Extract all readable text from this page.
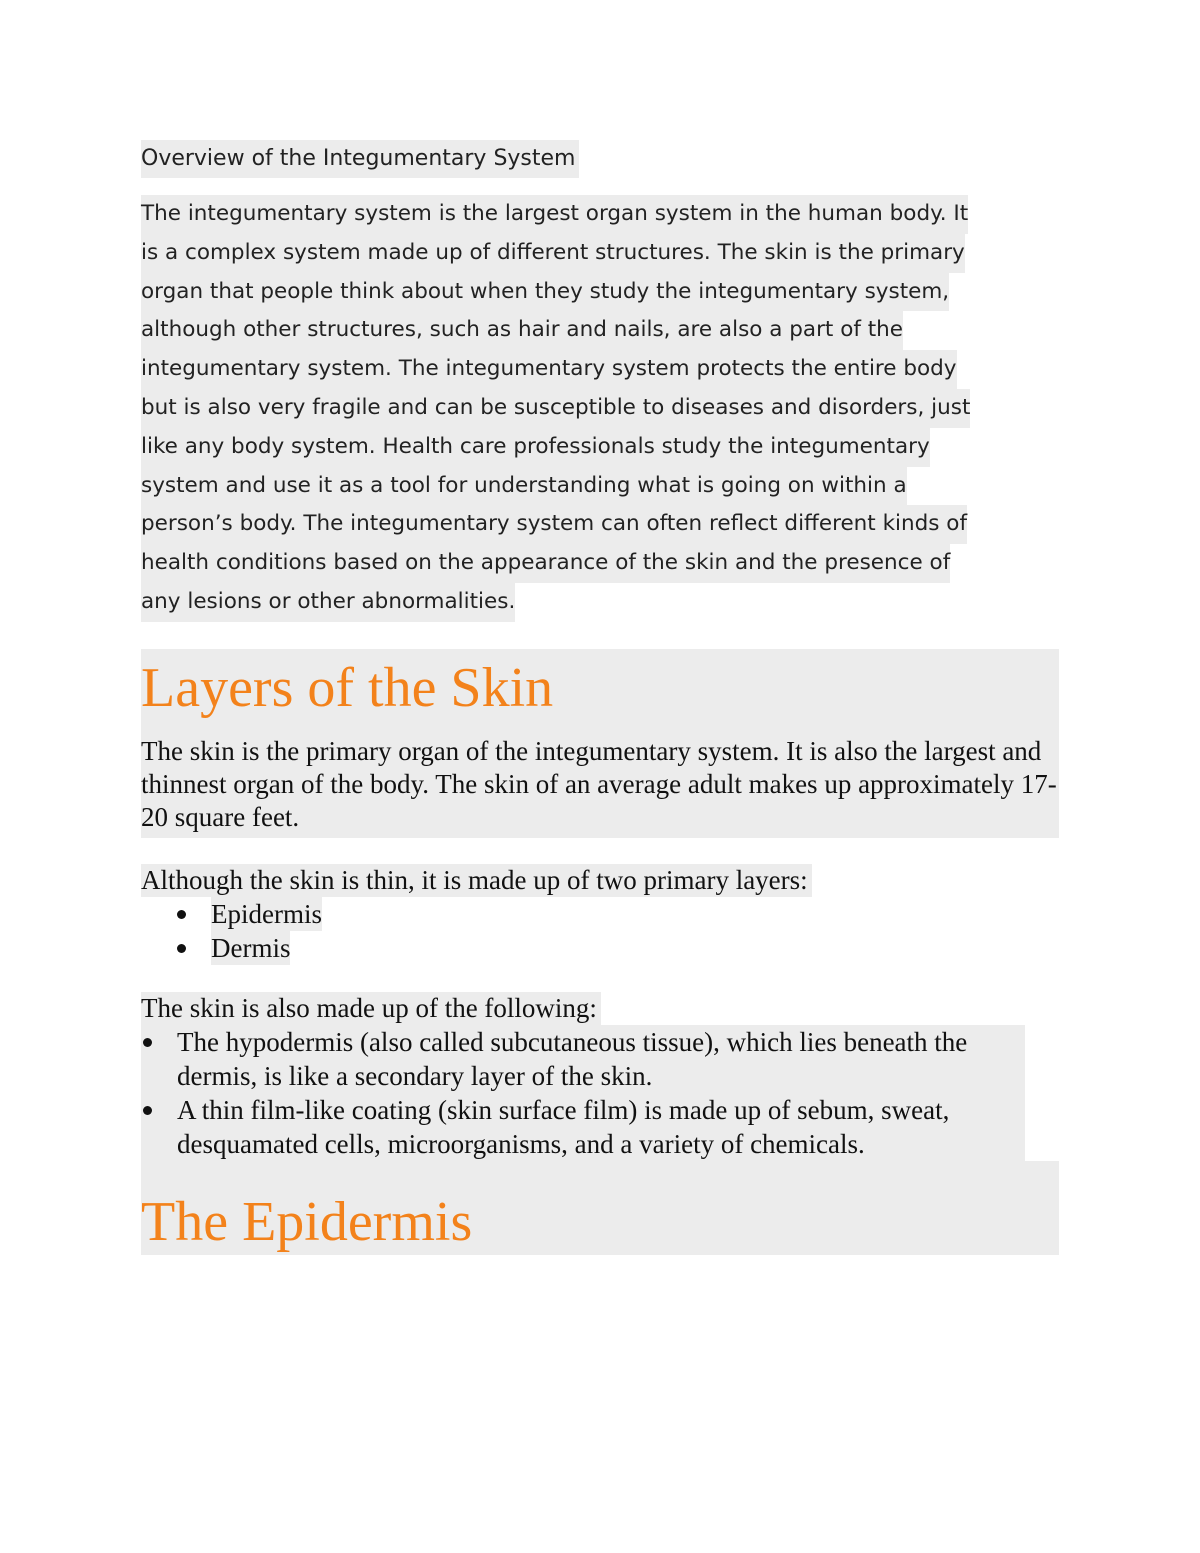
Overview of the Integumentary System
The integumentary system is the largest organ system in the human body. It
is a complex system made up of different structures. The skin is the primary
organ that people think about when they study the integumentary system,
although other structures, such as hair and nails, are also a part of the
integumentary system. The integumentary system protects the entire body
but is also very fragile and can be susceptible to diseases and disorders, just
like any body system. Health care professionals study the integumentary
system and use it as a tool for understanding what is going on within a
person’s body. The integumentary system can often reflect different kinds of
health conditions based on the appearance of the skin and the presence of
any lesions or other abnormalities.
Layers of the Skin

The skin is the primary organ of the integumentary system. It is also the largest and thinnest organ of the body. The skin of an average adult makes up approximately 17-20 square feet.

Although the skin is thin, it is made up of two primary layers:

Epidermis
Dermis

The skin is also made up of the following:

The hypodermis (also called subcutaneous tissue), which lies beneath the dermis, is like a secondary layer of the skin.
A thin film-like coating (skin surface film) is made up of sebum, sweat, desquamated cells, microorganisms, and a variety of chemicals.
The Epidermis
